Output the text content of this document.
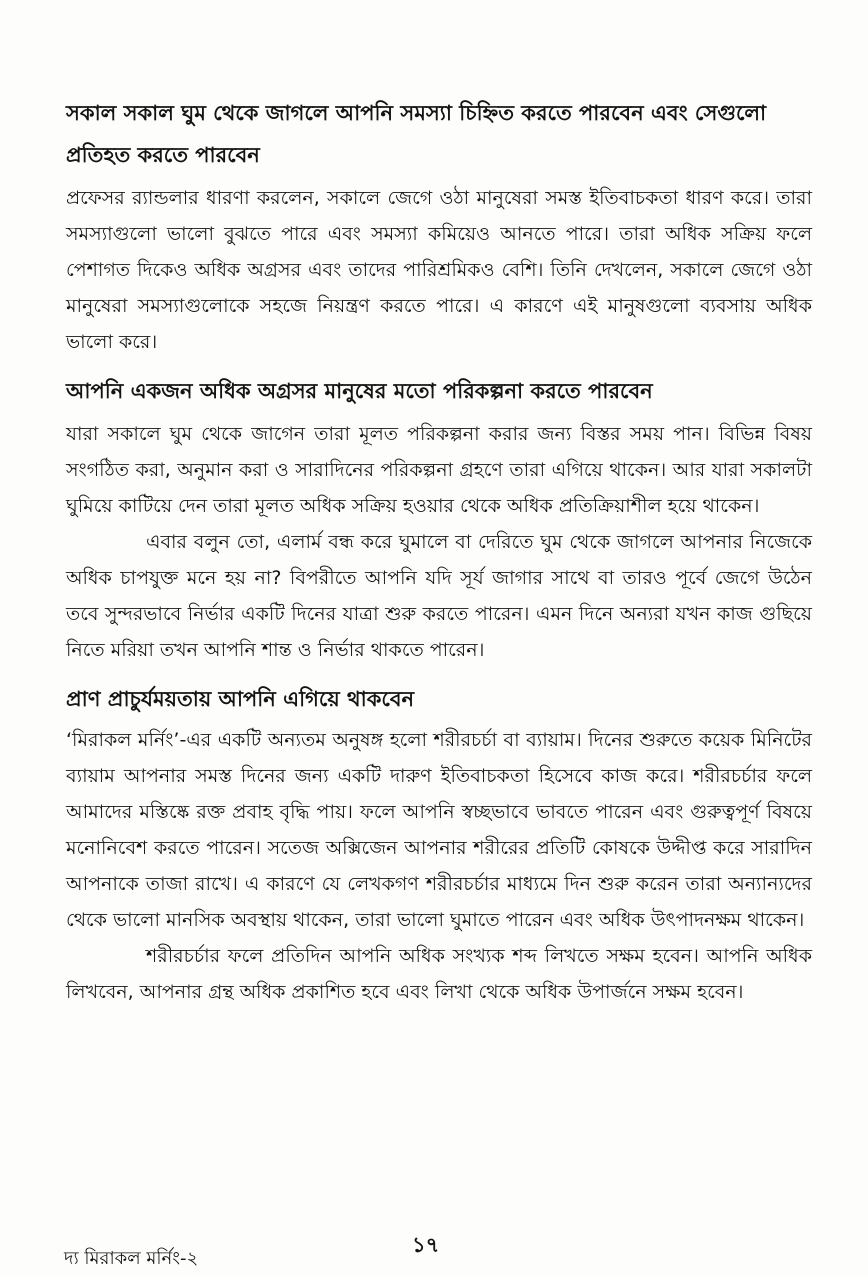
সকাল সকাল ঘুম থেকে জাগলে আপনি সমস্যা চিহ্নিত করতে পারবেন এবং সেগুলো প্রতিহত করতে পারবেন

প্রফেসর র‍্যান্ডলার ধারণা করলেন, সকালে জেগে ওঠা মানুষেরা সমস্ত ইতিবাচকতা ধারণ করে। তারা সমস্যাগুলো ভালো বুঝতে পারে এবং সমস্যা কমিয়েও আনতে পারে। তারা অধিক সক্রিয় ফলে পেশাগত দিকেও অধিক অগ্রসর এবং তাদের পারিশ্রমিকও বেশি। তিনি দেখলেন, সকালে জেগে ওঠা মানুষেরা সমস্যাগুলোকে সহজে নিয়ন্ত্রণ করতে পারে। এ কারণে এই মানুষগুলো ব্যবসায় অধিক ভালো করে।

আপনি একজন অধিক অগ্রসর মানুষের মতো পরিকল্পনা করতে পারবেন

যারা সকালে ঘুম থেকে জাগেন তারা মূলত পরিকল্পনা করার জন্য বিস্তর সময় পান। বিভিন্ন বিষয় সংগঠিত করা, অনুমান করা ও সারাদিনের পরিকল্পনা গ্রহণে তারা এগিয়ে থাকেন। আর যারা সকালটা ঘুমিয়ে কাটিয়ে দেন তারা মূলত অধিক সক্রিয় হওয়ার থেকে অধিক প্রতিক্রিয়াশীল হয়ে থাকেন।

এবার বলুন তো, এলার্ম বন্ধ করে ঘুমালে বা দেরিতে ঘুম থেকে জাগলে আপনার নিজেকে অধিক চাপযুক্ত মনে হয় না? বিপরীতে আপনি যদি সূর্য জাগার সাথে বা তারও পূর্বে জেগে উঠেন তবে সুন্দরভাবে নির্ভার একটি দিনের যাত্রা শুরু করতে পারেন। এমন দিনে অন্যরা যখন কাজ গুছিয়ে নিতে মরিয়া তখন আপনি শান্ত ও নির্ভার থাকতে পারেন।

প্রাণ প্রাচুর্যময়তায় আপনি এগিয়ে থাকবেন

‘মিরাকল মর্নিং’-এর একটি অন্যতম অনুষঙ্গ হলো শরীরচর্চা বা ব্যায়াম। দিনের শুরুতে কয়েক মিনিটের ব্যায়াম আপনার সমস্ত দিনের জন্য একটি দারুণ ইতিবাচকতা হিসেবে কাজ করে। শরীরচর্চার ফলে আমাদের মস্তিষ্কে রক্ত প্রবাহ বৃদ্ধি পায়। ফলে আপনি স্বচ্ছভাবে ভাবতে পারেন এবং গুরুত্বপূর্ণ বিষয়ে মনোনিবেশ করতে পারেন। সতেজ অক্সিজেন আপনার শরীরের প্রতিটি কোষকে উদ্দীপ্ত করে সারাদিন আপনাকে তাজা রাখে। এ কারণে যে লেখকগণ শরীরচর্চার মাধ্যমে দিন শুরু করেন তারা অন্যান্যদের থেকে ভালো মানসিক অবস্থায় থাকেন, তারা ভালো ঘুমাতে পারেন এবং অধিক উৎপাদনক্ষম থাকেন।

শরীরচর্চার ফলে প্রতিদিন আপনি অধিক সংখ্যক শব্দ লিখতে সক্ষম হবেন। আপনি অধিক লিখবেন, আপনার গ্রন্থ অধিক প্রকাশিত হবে এবং লিখা থেকে অধিক উপার্জনে সক্ষম হবেন।

১৭
দ্য মিরাকল মর্নিং-২
